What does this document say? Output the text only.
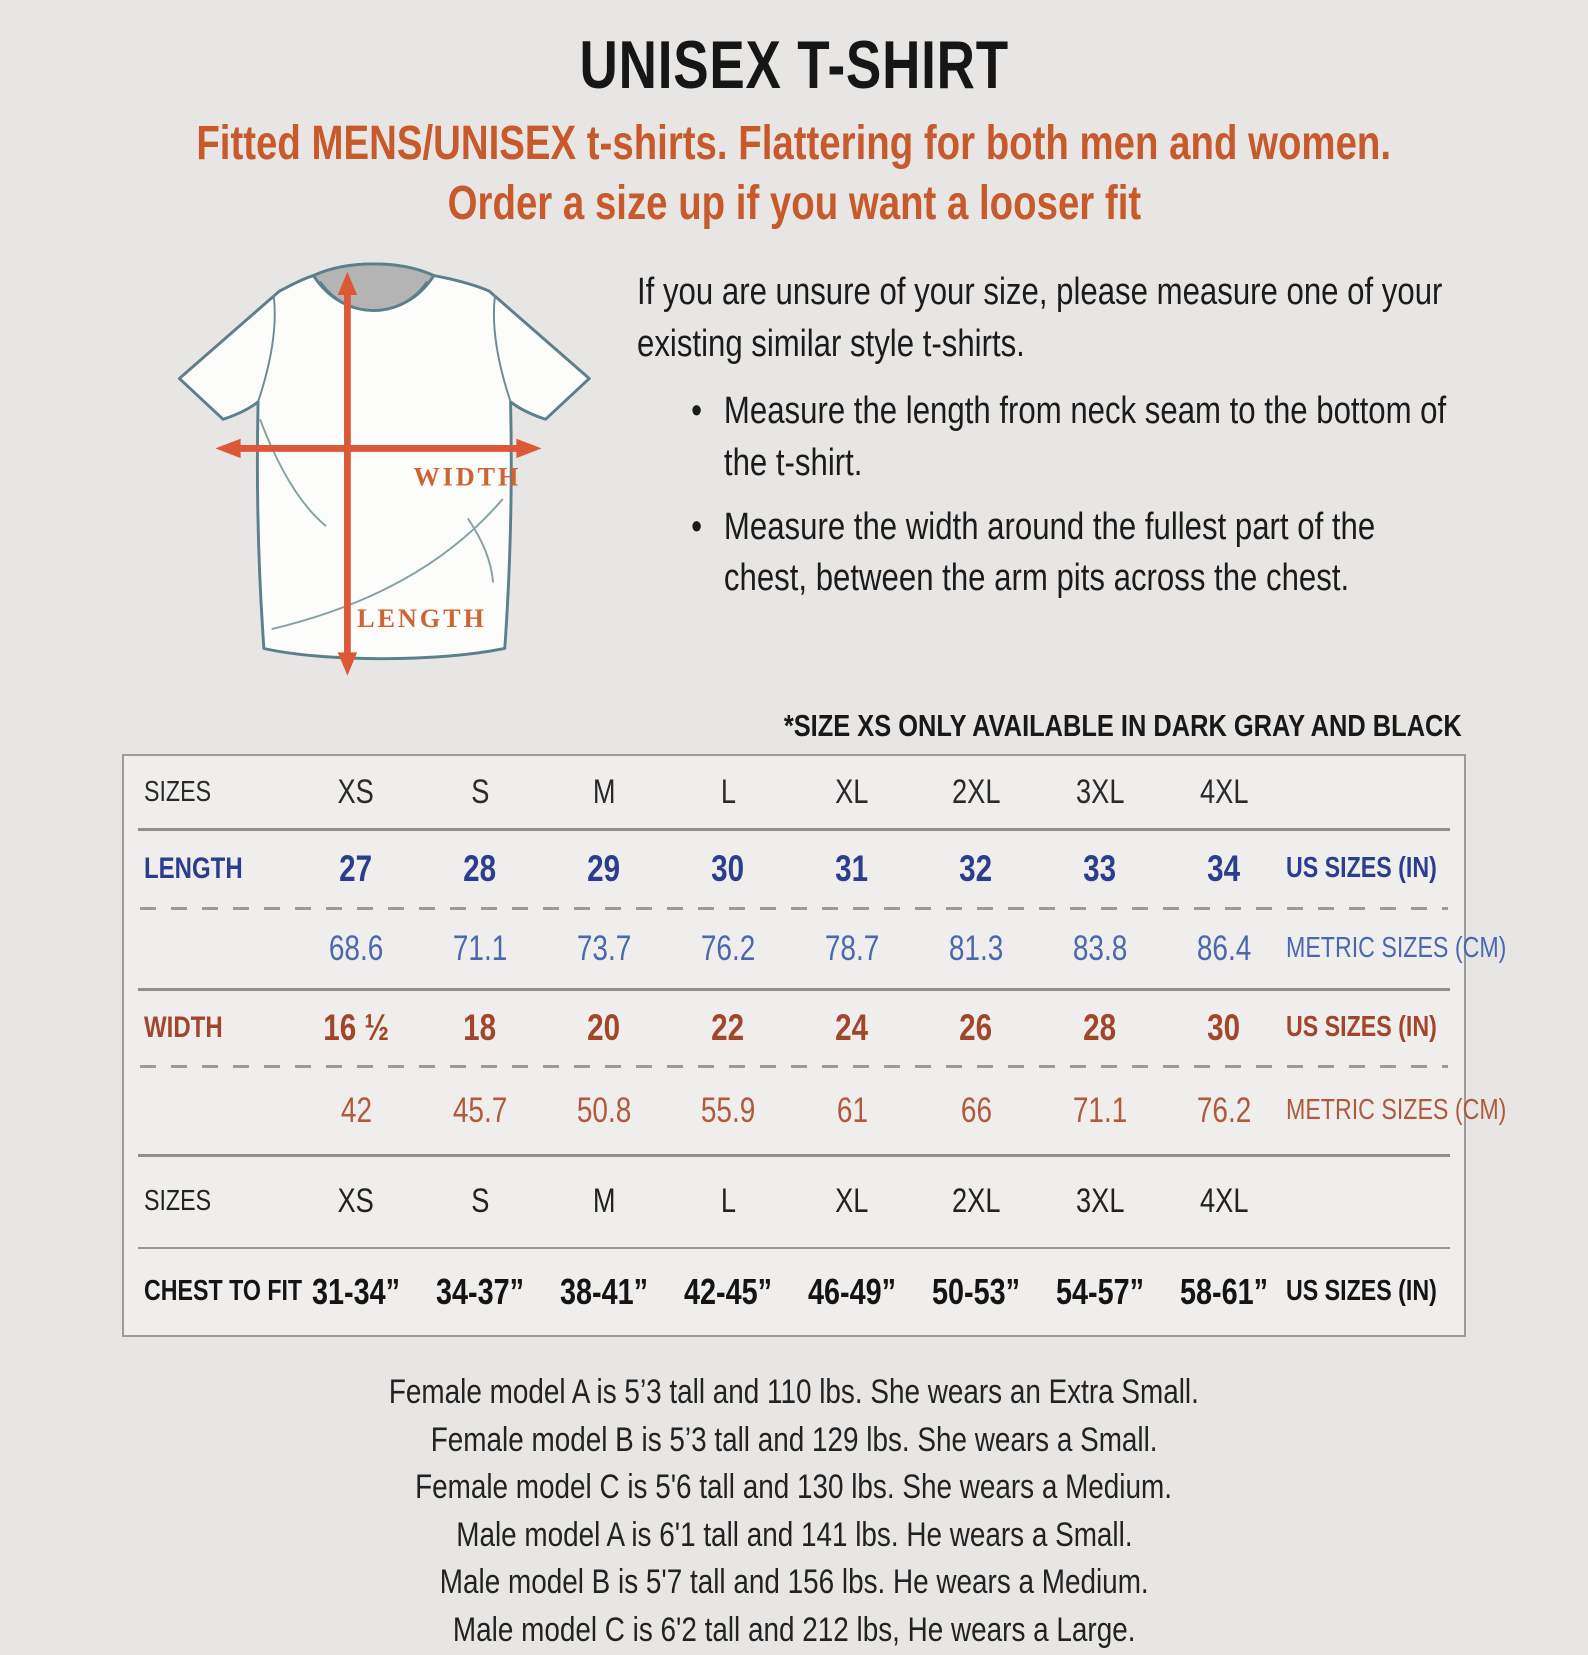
UNISEX T-SHIRT
Fitted MENS/UNISEX t-shirts. Flattering for both men and women.
Order a size up if you want a looser fit
WIDTH
LENGTH
If you are unsure of your size, please measure one of your existing similar style t-shirts.
• Measure the length from neck seam to the bottom of the t-shirt.
• Measure the width around the fullest part of the chest, between the arm pits across the chest.
*SIZE XS ONLY AVAILABLE IN DARK GRAY AND BLACK
SIZES	XS	S	M	L	XL	2XL	3XL	4XL
LENGTH	27	28	29	30	31	32	33	34	US SIZES (IN)
68.6	71.1	73.7	76.2	78.7	81.3	83.8	86.4	METRIC SIZES (CM)
WIDTH	16 ½	18	20	22	24	26	28	30	US SIZES (IN)
42	45.7	50.8	55.9	61	66	71.1	76.2	METRIC SIZES (CM)
SIZES	XS	S	M	L	XL	2XL	3XL	4XL
CHEST TO FIT 31-34” 34-37” 38-41” 42-45” 46-49” 50-53” 54-57” 58-61” US SIZES (IN)
Female model A is 5’3 tall and 110 lbs. She wears an Extra Small.
Female model B is 5’3 tall and 129 lbs. She wears a Small.
Female model C is 5'6 tall and 130 lbs. She wears a Medium.
Male model A is 6'1 tall and 141 lbs. He wears a Small.
Male model B is 5'7 tall and 156 lbs. He wears a Medium.
Male model C is 6'2 tall and 212 lbs, He wears a Large.
